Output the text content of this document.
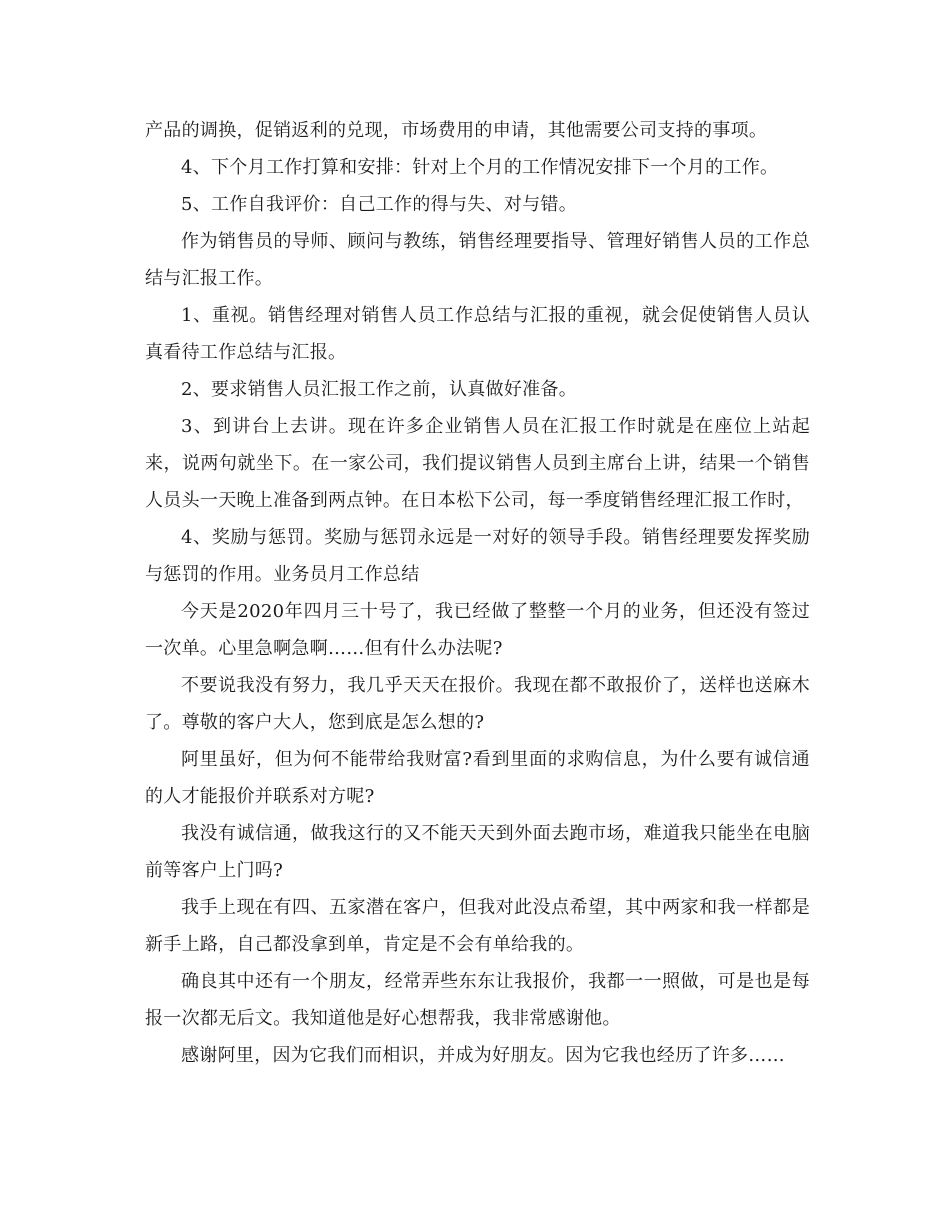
产品的调换，促销返利的兑现，市场费用的申请，其他需要公司支持的事项。

4、下个月工作打算和安排：针对上个月的工作情况安排下一个月的工作。

5、工作自我评价：自己工作的得与失、对与错。

作为销售员的导师、顾问与教练，销售经理要指导、管理好销售人员的工作总结与汇报工作。

1、重视。销售经理对销售人员工作总结与汇报的重视，就会促使销售人员认真看待工作总结与汇报。

2、要求销售人员汇报工作之前，认真做好准备。

3、到讲台上去讲。现在许多企业销售人员在汇报工作时就是在座位上站起来，说两句就坐下。在一家公司，我们提议销售人员到主席台上讲，结果一个销售人员头一天晚上准备到两点钟。在日本松下公司，每一季度销售经理汇报工作时，

4、奖励与惩罚。奖励与惩罚永远是一对好的领导手段。销售经理要发挥奖励与惩罚的作用。业务员月工作总结

今天是2020年四月三十号了，我已经做了整整一个月的业务，但还没有签过一次单。心里急啊急啊……但有什么办法呢?

不要说我没有努力，我几乎天天在报价。我现在都不敢报价了，送样也送麻木了。尊敬的客户大人，您到底是怎么想的?

阿里虽好，但为何不能带给我财富?看到里面的求购信息，为什么要有诚信通的人才能报价并联系对方呢?

我没有诚信通，做我这行的又不能天天到外面去跑市场，难道我只能坐在电脑前等客户上门吗?

我手上现在有四、五家潜在客户，但我对此没点希望，其中两家和我一样都是新手上路，自己都没拿到单，肯定是不会有单给我的。

确良其中还有一个朋友，经常弄些东东让我报价，我都一一照做，可是也是每报一次都无后文。我知道他是好心想帮我，我非常感谢他。

感谢阿里，因为它我们而相识，并成为好朋友。因为它我也经历了许多……
